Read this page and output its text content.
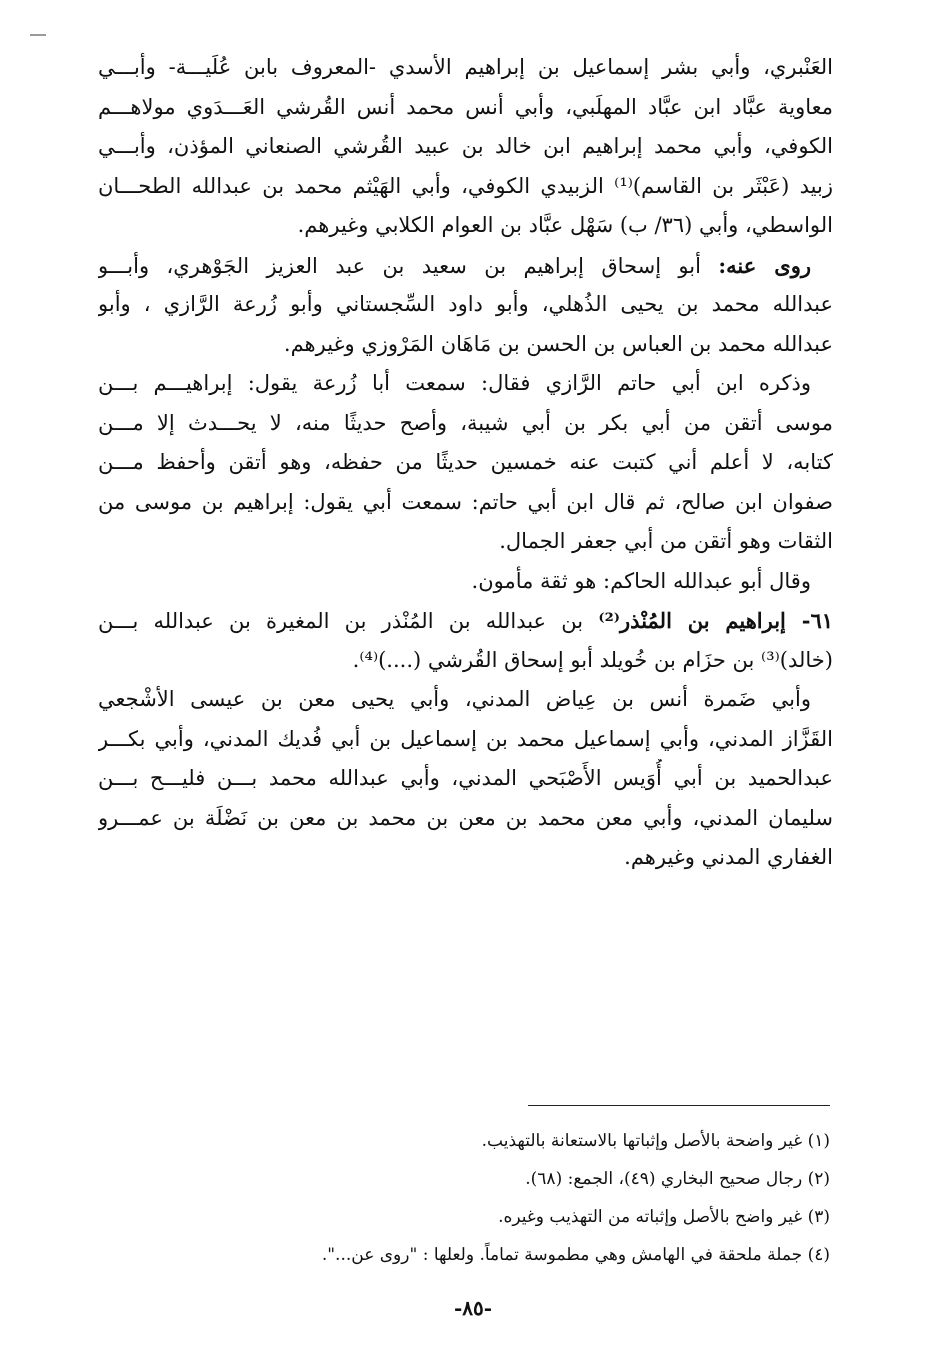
العَنْبري، وأبي بشر إسماعيل بن إبراهيم الأسدي -المعروف بابن عُلَيـــة- وأبـــي
معاوية عبَّاد ابن عبَّاد المهلَبي، وأبي أنس محمد أنس القُرشي العَـــدَوي مولاهـــم
الكوفي، وأبي محمد إبراهيم ابن خالد بن عبيد القُرشي الصنعاني المؤذن، وأبـــي
زبيد (عَبْثَر بن القاسم)⁽¹⁾ الزبيدي الكوفي، وأبي الهَيْثم محمد بن عبدالله الطحـــان
الواسطي، وأبي (٣٦/ ب) سَهْل عبَّاد بن العوام الكلابي وغيرهم.
روى عنه: أبو إسحاق إبراهيم بن سعيد بن عبد العزيز الجَوْهري، وأبـــو
عبدالله محمد بن يحيى الذُهلي، وأبو داود السِّجستاني وأبو زُرعة الرَّازي ، وأبو
عبدالله محمد بن العباس بن الحسن بن مَاهَان المَرْوزي وغيرهم.
وذكره ابن أبي حاتم الرَّازي فقال: سمعت أبا زُرعة يقول: إبراهيـــم بـــن
موسى أتقن من أبي بكر بن أبي شيبة، وأصح حديثًا منه، لا يحـــدث إلا مـــن
كتابه، لا أعلم أني كتبت عنه خمسين حديثًا من حفظه، وهو أتقن وأحفظ مـــن
صفوان ابن صالح، ثم قال ابن أبي حاتم: سمعت أبي يقول: إبراهيم بن موسى من
الثقات وهو أتقن من أبي جعفر الجمال.
وقال أبو عبدالله الحاكم: هو ثقة مأمون.
٦١- إبراهيم بن المُنْذر⁽²⁾ بن عبدالله بن المُنْذر بن المغيرة بن عبدالله بـــن
(خالد)⁽³⁾ بن حزَام بن خُويلد أبو إسحاق القُرشي (....)⁽⁴⁾.
وأبي ضَمرة أنس بن عِياض المدني، وأبي يحيى معن بن عيسى الأشْجعي
القَزَّاز المدني، وأبي إسماعيل محمد بن إسماعيل بن أبي فُديك المدني، وأبي بكـــر
عبدالحميد بن أبي أُوَيس الأَصْبَحي المدني، وأبي عبدالله محمد بـــن فليـــح بـــن
سليمان المدني، وأبي معن محمد بن معن بن محمد بن معن بن نَضْلَة بن عمـــرو
الغفاري المدني وغيرهم.
(١) غير واضحة بالأصل وإثباتها بالاستعانة بالتهذيب.
(٢) رجال صحيح البخاري (٤٩)، الجمع: (٦٨).
(٣) غير واضح بالأصل وإثباته من التهذيب وغيره.
(٤) جملة ملحقة في الهامش وهي مطموسة تماماً. ولعلها : "روى عن...".
-٨٥-
